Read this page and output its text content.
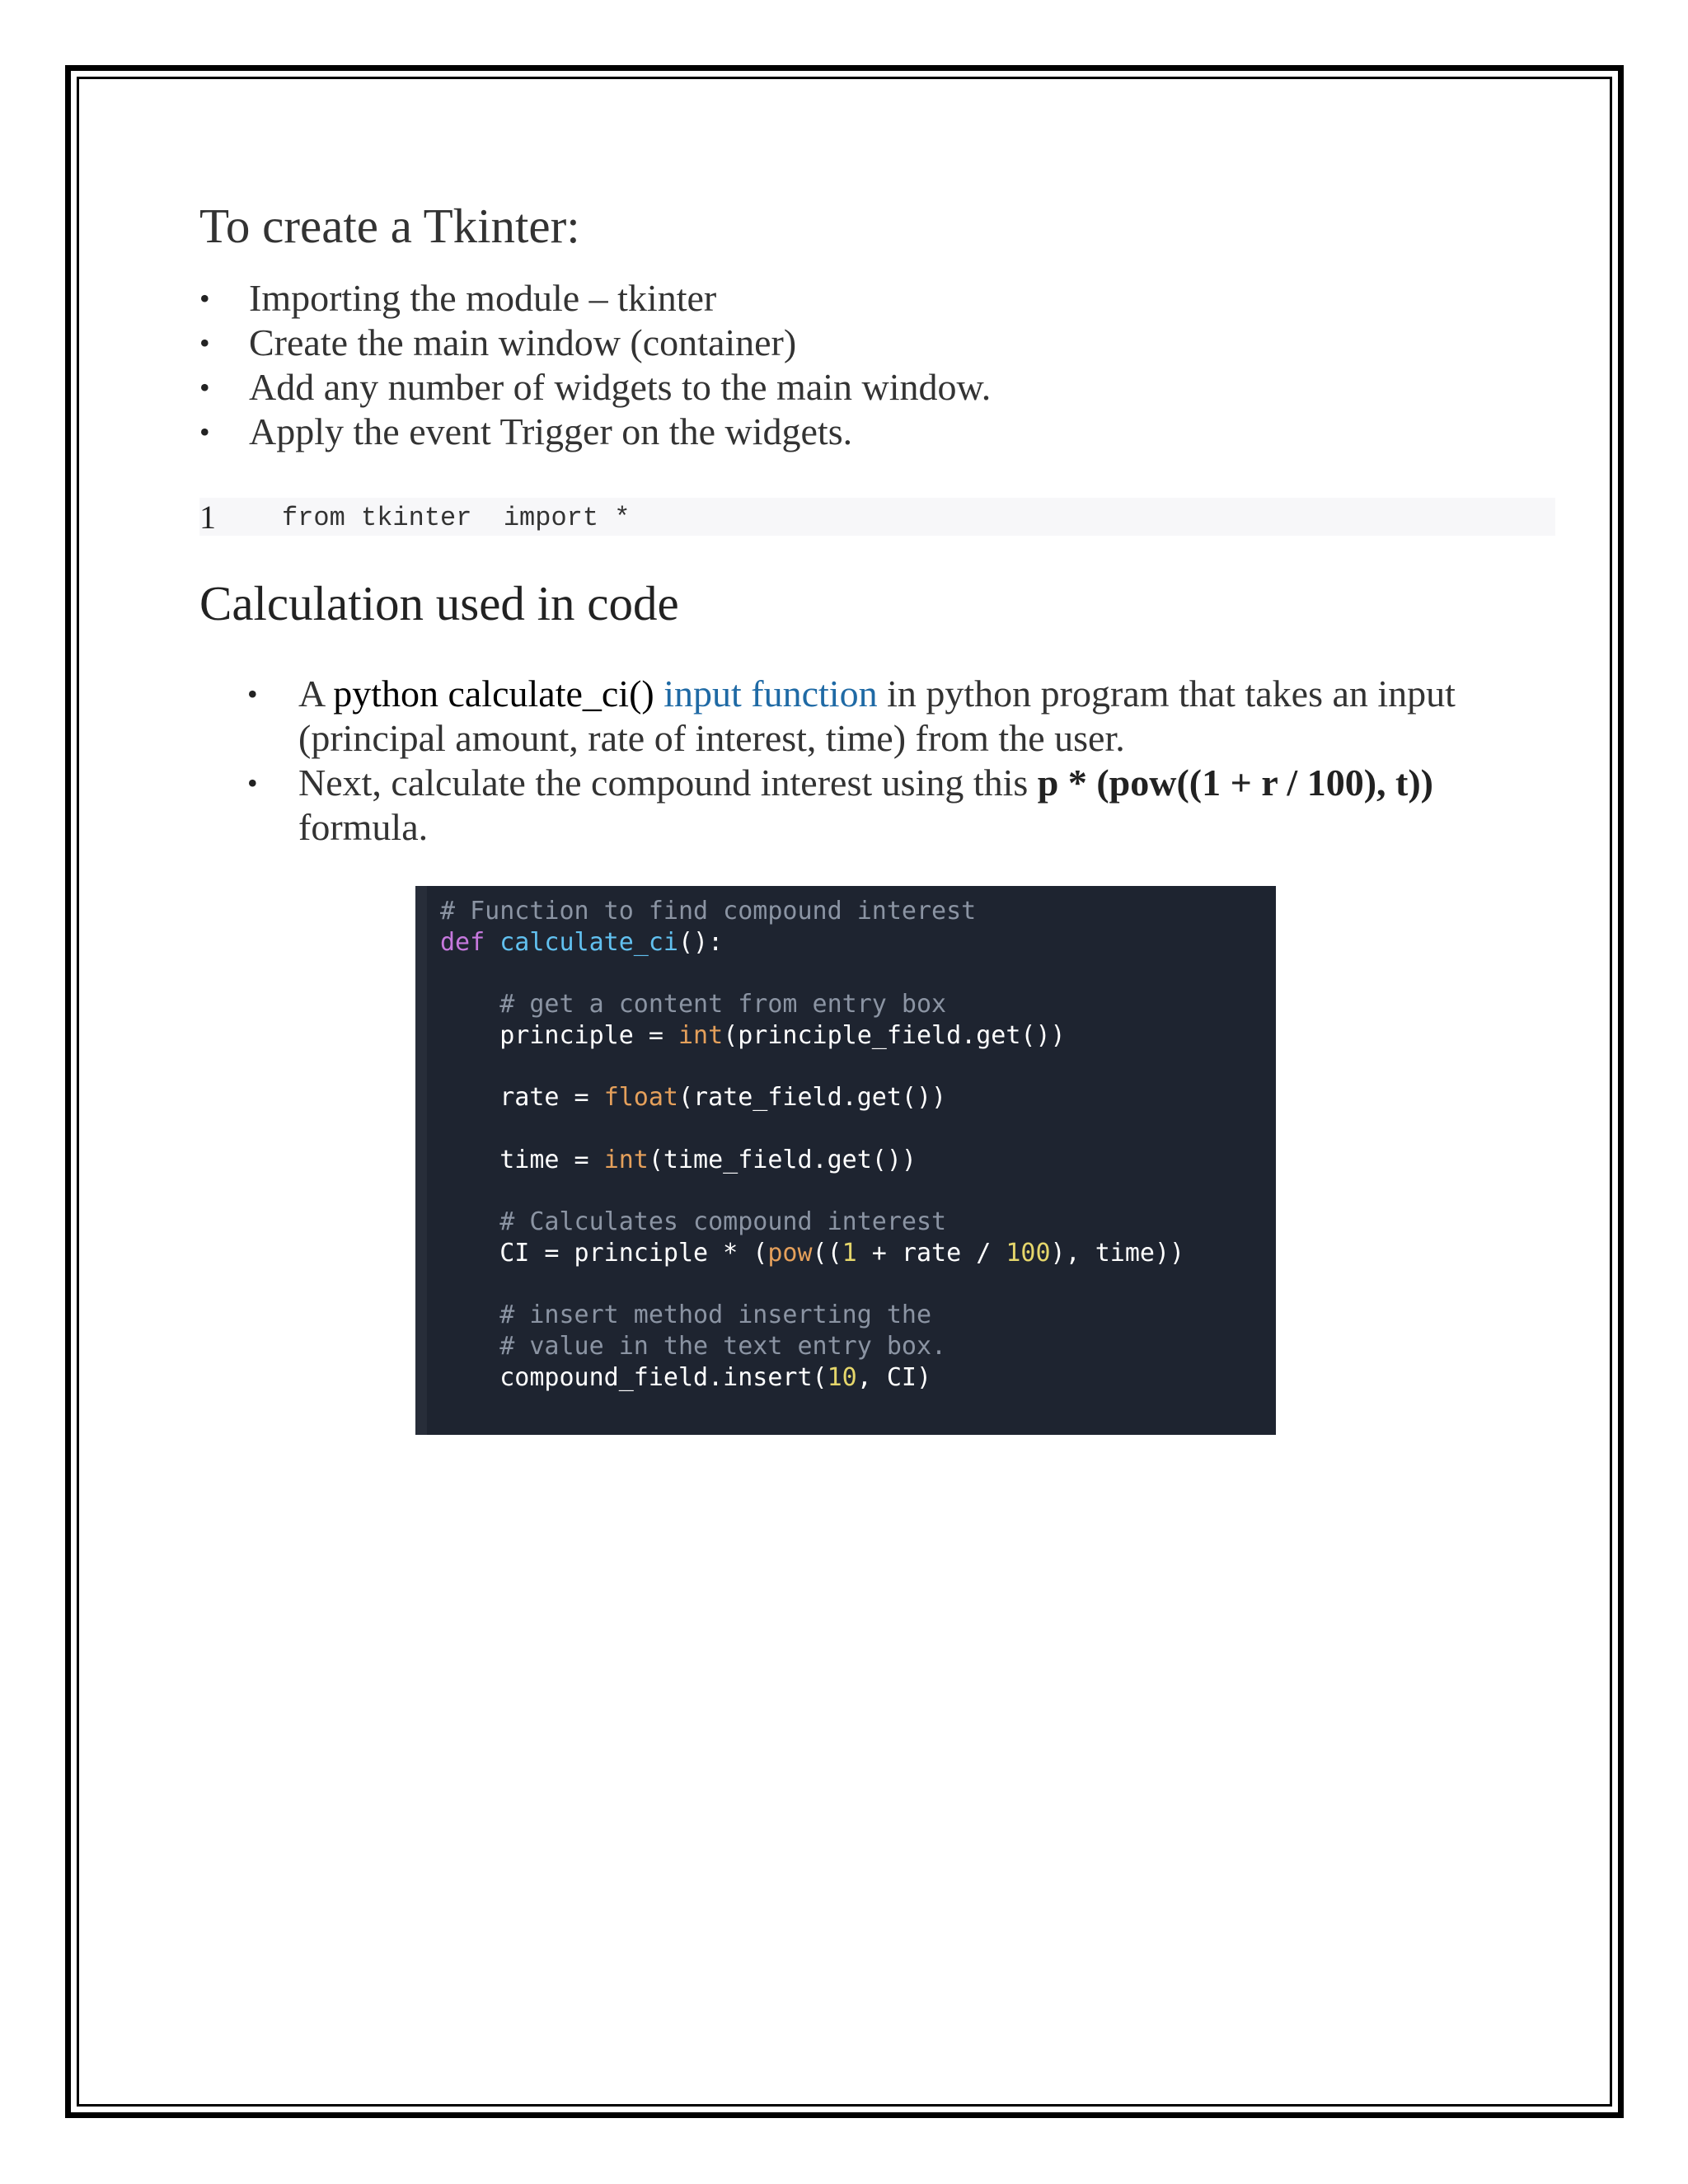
To create a Tkinter:
• Importing the module – tkinter
• Create the main window (container)
• Add any number of widgets to the main window.
• Apply the event Trigger on the widgets.
1	from tkinter  import *
Calculation used in code
• A python calculate_ci() input function in python program that takes an input (principal amount, rate of interest, time) from the user.
• Next, calculate the compound interest using this p * (pow((1 + r / 100), t)) formula.
# Function to find compound interest
def calculate_ci():

# get a content from entry box
principle = int(principle_field.get())

rate = float(rate_field.get())

time = int(time_field.get())

# Calculates compound interest
CI = principle * (pow((1 + rate / 100), time))

# insert method inserting the
# value in the text entry box.
compound_field.insert(10, CI)
